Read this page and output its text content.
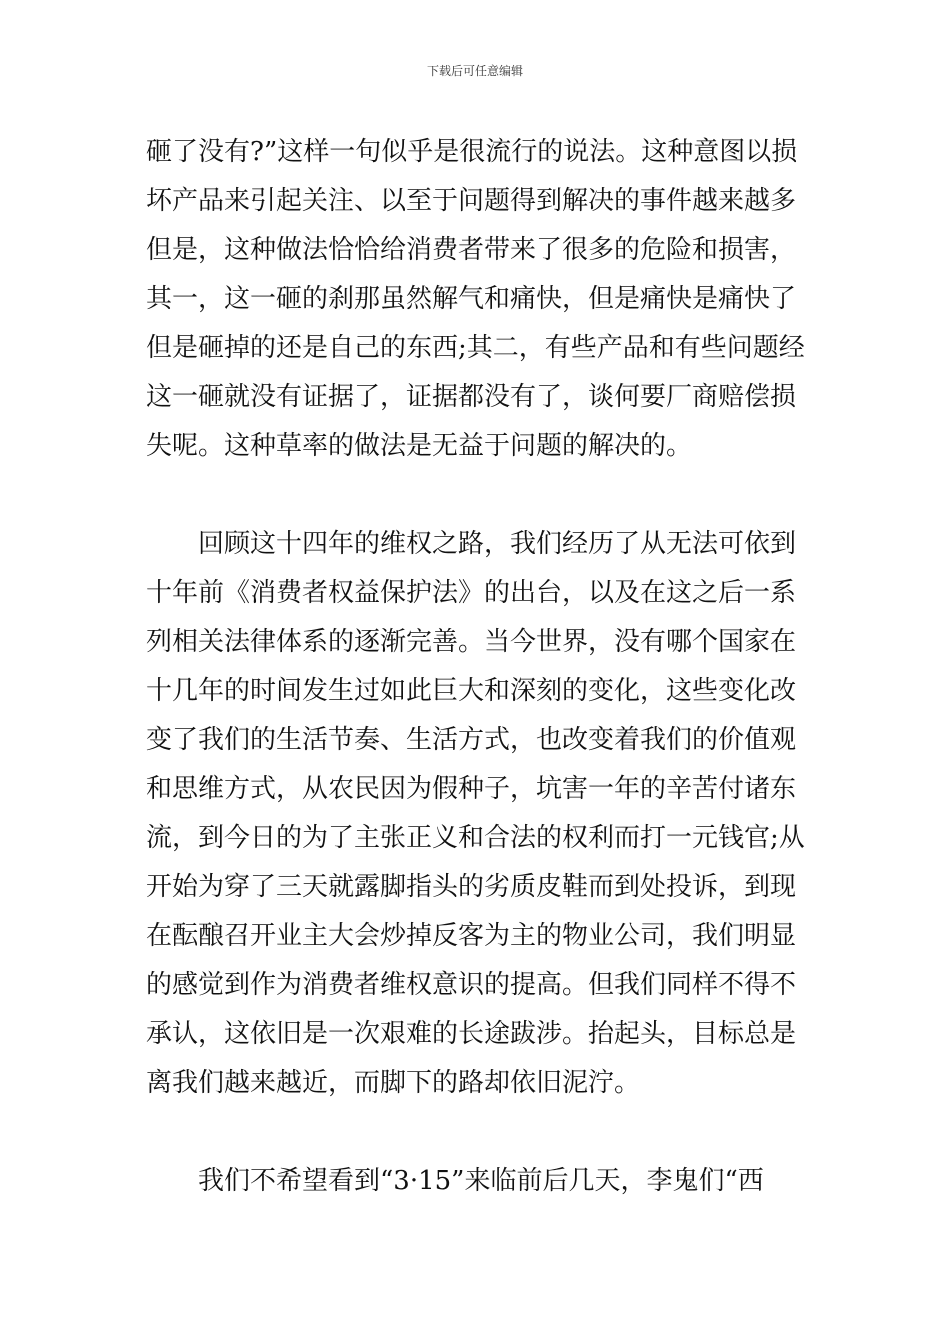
下载后可任意编辑
砸了没有?”这样一句似乎是很流行的说法。这种意图以损
坏产品来引起关注、以至于问题得到解决的事件越来越多
但是，这种做法恰恰给消费者带来了很多的危险和损害，
其一，这一砸的刹那虽然解气和痛快，但是痛快是痛快了
但是砸掉的还是自己的东西;其二，有些产品和有些问题经
这一砸就没有证据了，证据都没有了，谈何要厂商赔偿损
失呢。这种草率的做法是无益于问题的解决的。
回顾这十四年的维权之路，我们经历了从无法可依到
十年前《消费者权益保护法》的出台，以及在这之后一系
列相关法律体系的逐渐完善。当今世界，没有哪个国家在
十几年的时间发生过如此巨大和深刻的变化，这些变化改
变了我们的生活节奏、生活方式，也改变着我们的价值观
和思维方式，从农民因为假种子，坑害一年的辛苦付诸东
流，到今日的为了主张正义和合法的权利而打一元钱官;从
开始为穿了三天就露脚指头的劣质皮鞋而到处投诉，到现
在酝酿召开业主大会炒掉反客为主的物业公司，我们明显
的感觉到作为消费者维权意识的提高。但我们同样不得不
承认，这依旧是一次艰难的长途跋涉。抬起头，目标总是
离我们越来越近，而脚下的路却依旧泥泞。
我们不希望看到“3·15”来临前后几天，李鬼们“西
